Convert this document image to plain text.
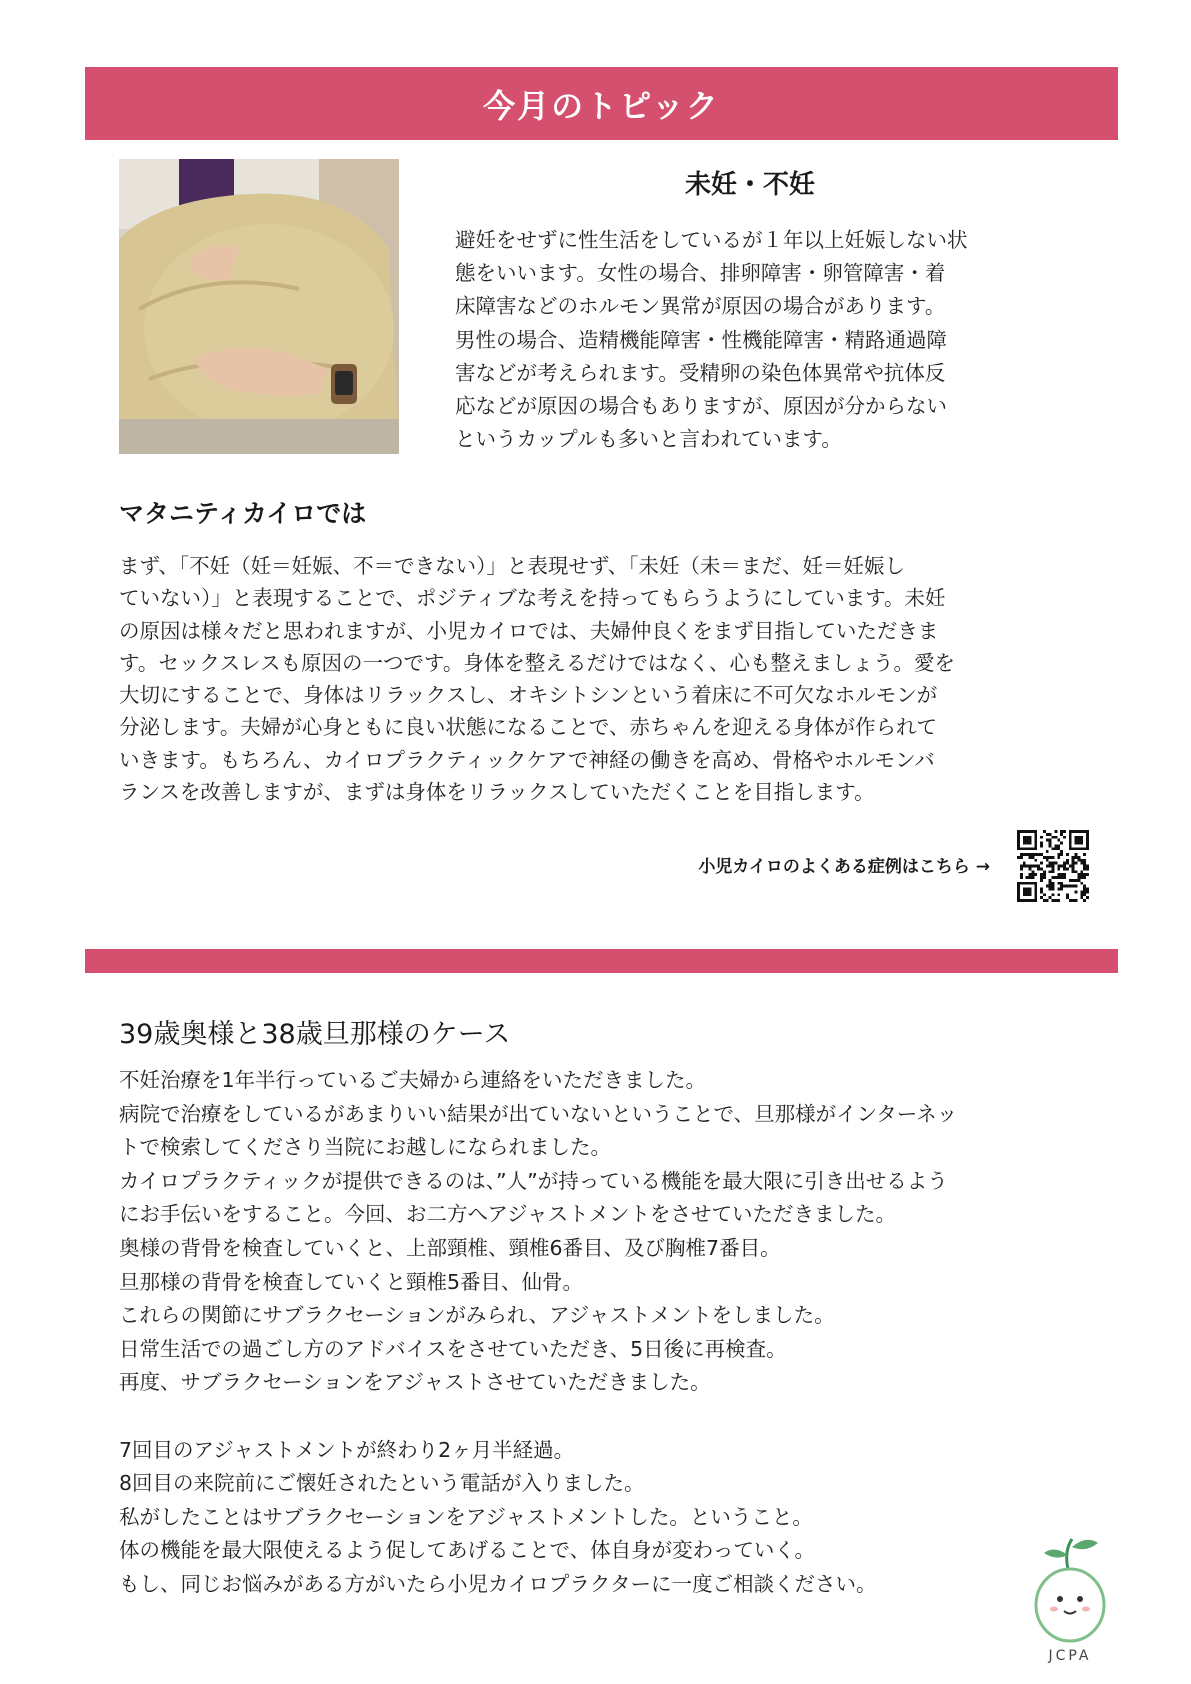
今月のトピック
未妊・不妊
避妊をせずに性生活をしているが１年以上妊娠しない状
態をいいます。女性の場合、排卵障害・卵管障害・着
床障害などのホルモン異常が原因の場合があります。
男性の場合、造精機能障害・性機能障害・精路通過障
害などが考えられます。受精卵の染色体異常や抗体反
応などが原因の場合もありますが、原因が分からない
というカップルも多いと言われています。
マタニティカイロでは
まず、「不妊（妊＝妊娠、不＝できない）」と表現せず、「未妊（未＝まだ、妊＝妊娠し
ていない）」と表現することで、ポジティブな考えを持ってもらうようにしています。未妊
の原因は様々だと思われますが、小児カイロでは、夫婦仲良くをまず目指していただきま
す。セックスレスも原因の一つです。身体を整えるだけではなく、心も整えましょう。愛を
大切にすることで、身体はリラックスし、オキシトシンという着床に不可欠なホルモンが
分泌します。夫婦が心身ともに良い状態になることで、赤ちゃんを迎える身体が作られて
いきます。もちろん、カイロプラクティックケアで神経の働きを高め、骨格やホルモンバ
ランスを改善しますが、まずは身体をリラックスしていただくことを目指します。
小児カイロのよくある症例はこちら →
39歳奥様と38歳旦那様のケース
不妊治療を1年半行っているご夫婦から連絡をいただきました。
病院で治療をしているがあまりいい結果が出ていないということで、旦那様がインターネッ
トで検索してくださり当院にお越しになられました。
カイロプラクティックが提供できるのは、”人”が持っている機能を最大限に引き出せるよう
にお手伝いをすること。今回、お二方へアジャストメントをさせていただきました。
奥様の背骨を検査していくと、上部頸椎、頸椎6番目、及び胸椎7番目。
旦那様の背骨を検査していくと頸椎5番目、仙骨。
これらの関節にサブラクセーションがみられ、アジャストメントをしました。
日常生活での過ごし方のアドバイスをさせていただき、5日後に再検査。
再度、サブラクセーションをアジャストさせていただきました。
7回目のアジャストメントが終わり2ヶ月半経過。
8回目の来院前にご懐妊されたという電話が入りました。
私がしたことはサブラクセーションをアジャストメントした。ということ。
体の機能を最大限使えるよう促してあげることで、体自身が変わっていく。
もし、同じお悩みがある方がいたら小児カイロプラクターに一度ご相談ください。
JCPA
